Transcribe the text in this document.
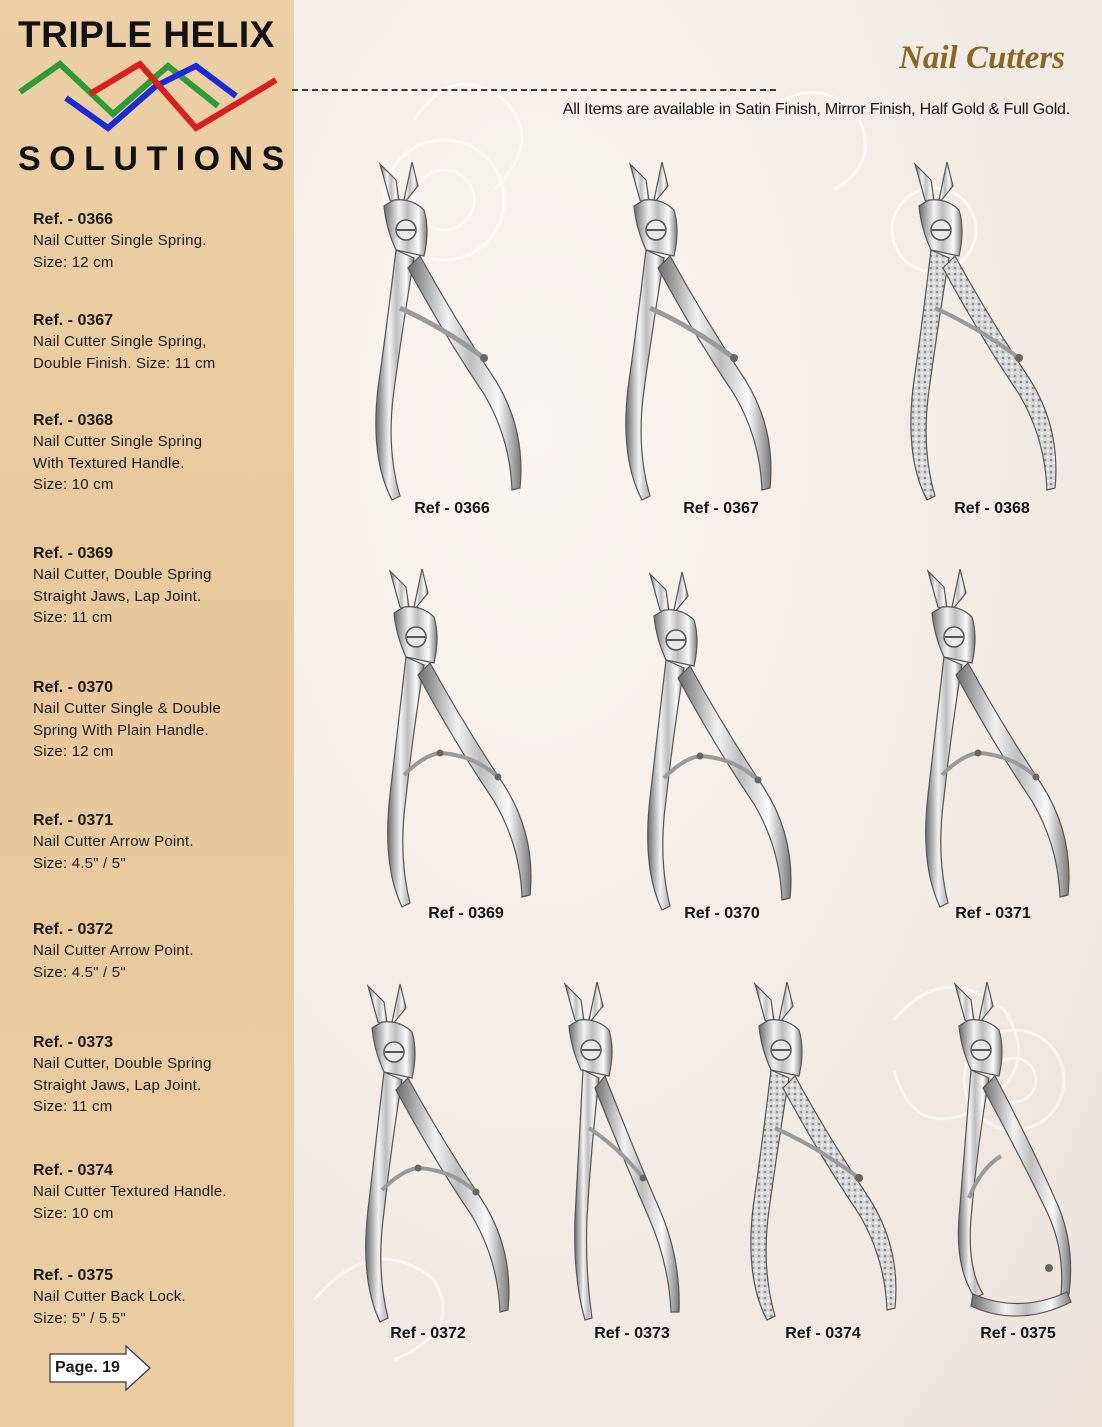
TRIPLE HELIX
SOLUTIONS
Ref. - 0366
Nail Cutter Single Spring.
Size: 12 cm
Ref. - 0367
Nail Cutter Single Spring,
Double Finish. Size: 11 cm
Ref. - 0368
Nail Cutter Single Spring
With Textured Handle.
Size: 10 cm
Ref. - 0369
Nail Cutter, Double Spring
Straight Jaws, Lap Joint.
Size: 11 cm
Ref. - 0370
Nail Cutter Single & Double
Spring With Plain Handle.
Size: 12 cm
Ref. - 0371
Nail Cutter Arrow Point.
Size: 4.5" / 5"
Ref. - 0372
Nail Cutter Arrow Point.
Size: 4.5" / 5"
Ref. - 0373
Nail Cutter, Double Spring
Straight Jaws, Lap Joint.
Size: 11 cm
Ref. - 0374
Nail Cutter Textured Handle.
Size: 10 cm
Ref. - 0375
Nail Cutter Back Lock.
Size: 5" / 5.5"
Page. 19
Nail Cutters
All Items are available in Satin Finish, Mirror Finish, Half Gold & Full Gold.
Ref - 0366	Ref - 0367	Ref - 0368
Ref - 0369	Ref - 0370	Ref - 0371
Ref - 0372	Ref - 0373	Ref - 0374	Ref - 0375
